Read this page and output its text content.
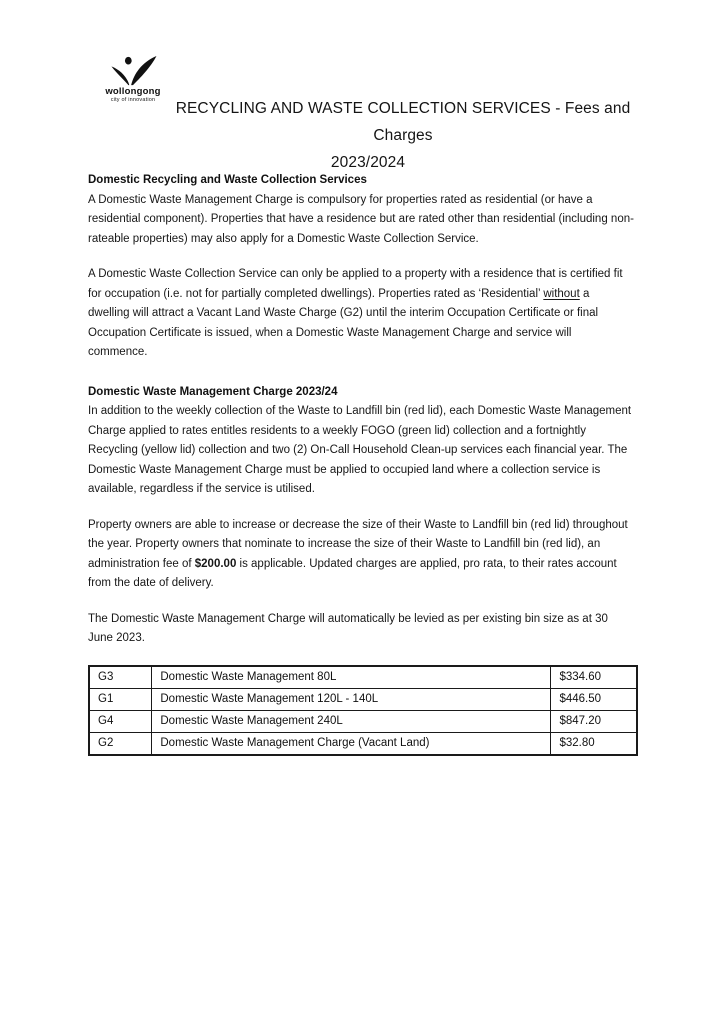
wollongong
city of innovation
RECYCLING AND WASTE COLLECTION SERVICES - Fees and Charges
2023/2024
Domestic Recycling and Waste Collection Services

A Domestic Waste Management Charge is compulsory for properties rated as residential (or have a residential component). Properties that have a residence but are rated other than residential (including non-rateable properties) may also apply for a Domestic Waste Collection Service.

A Domestic Waste Collection Service can only be applied to a property with a residence that is certified fit for occupation (i.e. not for partially completed dwellings). Properties rated as ‘Residential’ without a dwelling will attract a Vacant Land Waste Charge (G2) until the interim Occupation Certificate or final Occupation Certificate is issued, when a Domestic Waste Management Charge and service will commence.

Domestic Waste Management Charge 2023/24

In addition to the weekly collection of the Waste to Landfill bin (red lid), each Domestic Waste Management Charge applied to rates entitles residents to a weekly FOGO (green lid) collection and a fortnightly Recycling (yellow lid) collection and two (2) On-Call Household Clean-up services each financial year. The Domestic Waste Management Charge must be applied to occupied land where a collection service is available, regardless if the service is utilised.

Property owners are able to increase or decrease the size of their Waste to Landfill bin (red lid) throughout the year. Property owners that nominate to increase the size of their Waste to Landfill bin (red lid), an administration fee of $200.00 is applicable. Updated charges are applied, pro rata, to their rates account from the date of delivery.

The Domestic Waste Management Charge will automatically be levied as per existing bin size as at 30 June 2023.

G3	Domestic Waste Management 80L	$334.60
G1	Domestic Waste Management 120L - 140L	$446.50
G4	Domestic Waste Management 240L	$847.20
G2	Domestic Waste Management Charge (Vacant Land)	$32.80
